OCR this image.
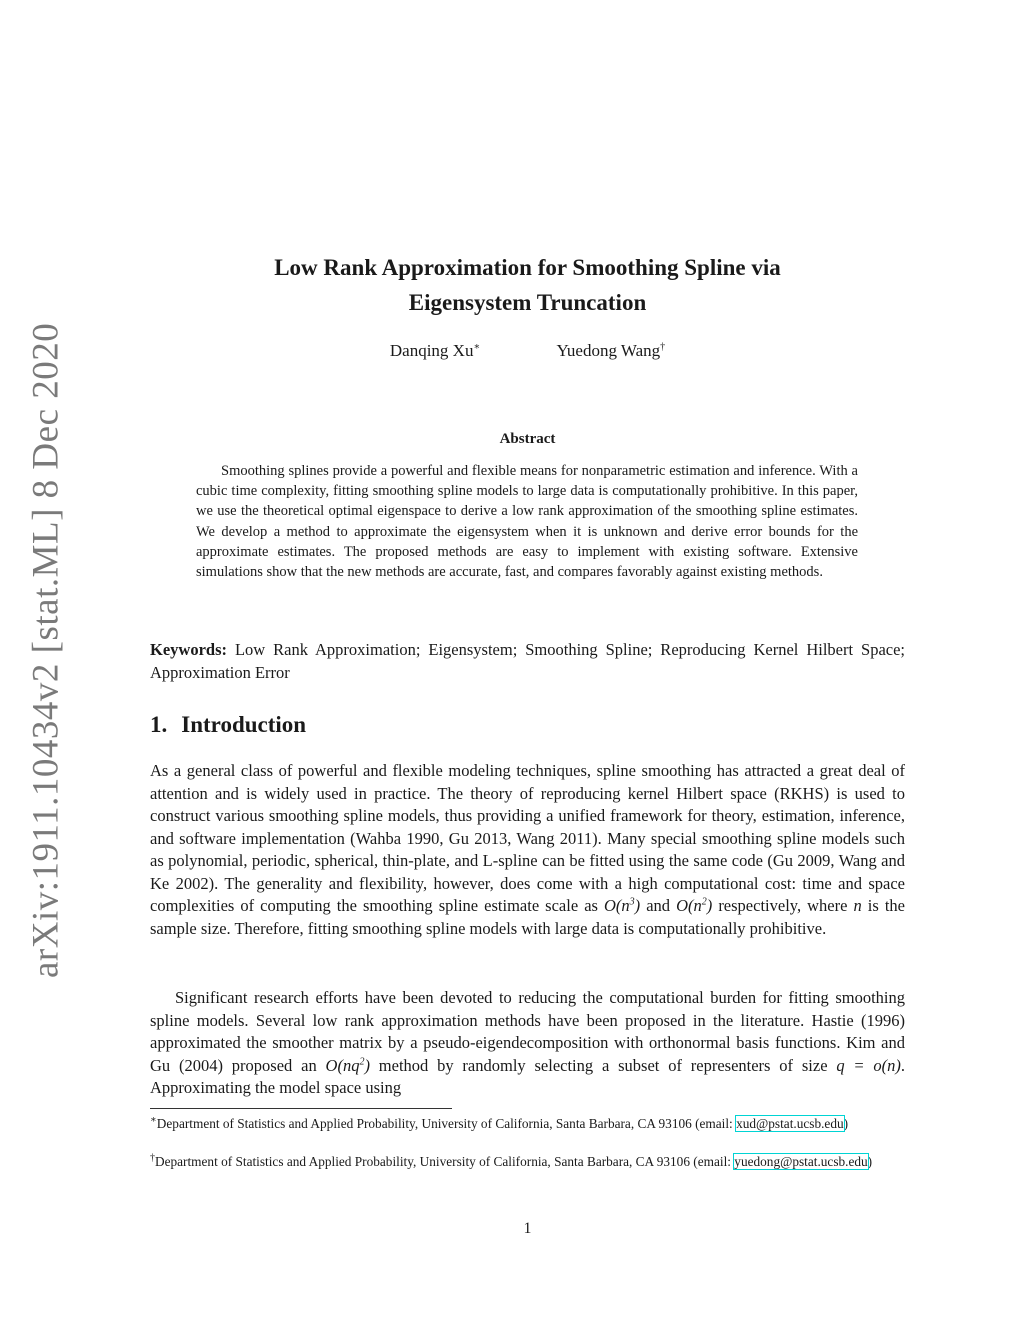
arXiv:1911.10434v2 [stat.ML] 8 Dec 2020
Low Rank Approximation for Smoothing Spline via
Eigensystem Truncation
Danqing Xu∗	Yuedong Wang†
Abstract

Smoothing splines provide a powerful and flexible means for nonparametric estimation and inference. With a cubic time complexity, fitting smoothing spline models to large data is computationally prohibitive. In this paper, we use the theoretical optimal eigenspace to derive a low rank approximation of the smoothing spline estimates. We develop a method to approximate the eigensystem when it is unknown and derive error bounds for the approximate estimates. The proposed methods are easy to implement with existing software. Extensive simulations show that the new methods are accurate, fast, and compares favorably against existing methods.

Keywords: Low Rank Approximation; Eigensystem; Smoothing Spline; Reproducing Kernel Hilbert Space; Approximation Error

1. Introduction

As a general class of powerful and flexible modeling techniques, spline smoothing has attracted a great deal of attention and is widely used in practice. The theory of reproducing kernel Hilbert space (RKHS) is used to construct various smoothing spline models, thus providing a unified framework for theory, estimation, inference, and software implementation (Wahba 1990, Gu 2013, Wang 2011). Many special smoothing spline models such as polynomial, periodic, spherical, thin-plate, and L-spline can be fitted using the same code (Gu 2009, Wang and Ke 2002). The generality and flexibility, however, does come with a high computational cost: time and space complexities of computing the smoothing spline estimate scale as $O(n^3)$ and $O(n^2)$ respectively, where n is the sample size. Therefore, fitting smoothing spline models with large data is computationally prohibitive.

Significant research efforts have been devoted to reducing the computational burden for fitting smoothing spline models. Several low rank approximation methods have been proposed in the literature. Hastie (1996) approximated the smoother matrix by a pseudo-eigendecomposition with orthonormal basis functions. Kim and Gu (2004) proposed an $O(nq^2)$ method by randomly selecting a subset of representers of size q = o(n). Approximating the model space using

∗Department of Statistics and Applied Probability, University of California, Santa Barbara, CA 93106 (email: xud@pstat.ucsb.edu)

†Department of Statistics and Applied Probability, University of California, Santa Barbara, CA 93106 (email: yuedong@pstat.ucsb.edu)

1
